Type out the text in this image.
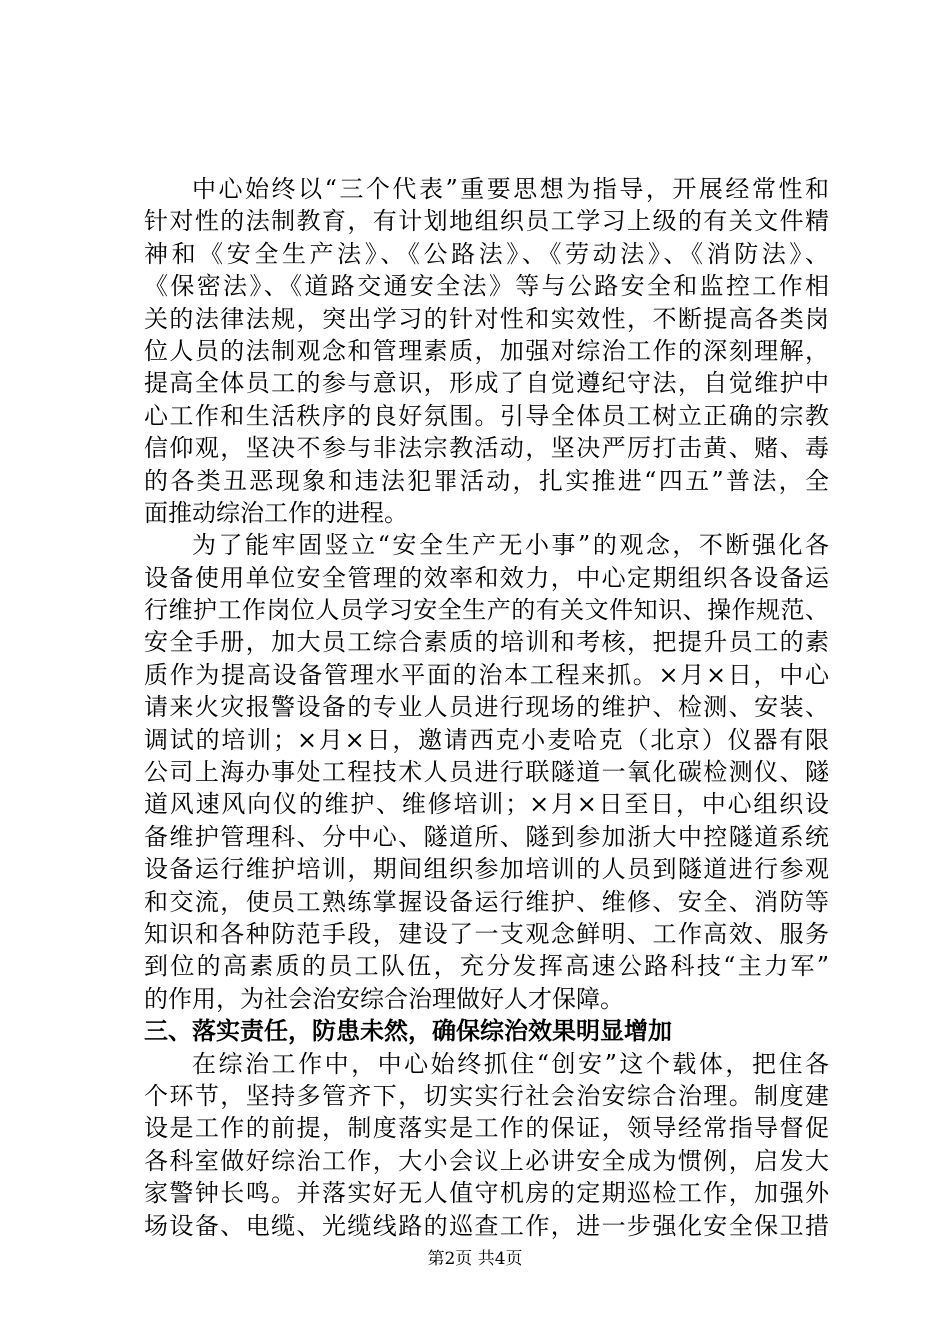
中心始终以“三个代表”重要思想为指导，开展经常性和
针对性的法制教育，有计划地组织员工学习上级的有关文件精
神和《安全生产法》、《公路法》、《劳动法》、《消防法》、
《保密法》、《道路交通安全法》等与公路安全和监控工作相
关的法律法规，突出学习的针对性和实效性，不断提高各类岗
位人员的法制观念和管理素质，加强对综治工作的深刻理解，
提高全体员工的参与意识，形成了自觉遵纪守法，自觉维护中
心工作和生活秩序的良好氛围。引导全体员工树立正确的宗教
信仰观，坚决不参与非法宗教活动，坚决严厉打击黄、赌、毒
的各类丑恶现象和违法犯罪活动，扎实推进“四五”普法，全
面推动综治工作的进程。
为了能牢固竖立“安全生产无小事”的观念，不断强化各
设备使用单位安全管理的效率和效力，中心定期组织各设备运
行维护工作岗位人员学习安全生产的有关文件知识、操作规范、
安全手册，加大员工综合素质的培训和考核，把提升员工的素
质作为提高设备管理水平面的治本工程来抓。×月×日，中心
请来火灾报警设备的专业人员进行现场的维护、检测、安装、
调试的培训；×月×日，邀请西克小麦哈克（北京）仪器有限
公司上海办事处工程技术人员进行联隧道一氧化碳检测仪、隧
道风速风向仪的维护、维修培训；×月×日至日，中心组织设
备维护管理科、分中心、隧道所、隧到参加浙大中控隧道系统
设备运行维护培训，期间组织参加培训的人员到隧道进行参观
和交流，使员工熟练掌握设备运行维护、维修、安全、消防等
知识和各种防范手段，建设了一支观念鲜明、工作高效、服务
到位的高素质的员工队伍，充分发挥高速公路科技“主力军”
的作用，为社会治安综合治理做好人才保障。
三、落实责任，防患未然，确保综治效果明显增加
在综治工作中，中心始终抓住“创安”这个载体，把住各
个环节，坚持多管齐下，切实实行社会治安综合治理。制度建
设是工作的前提，制度落实是工作的保证，领导经常指导督促
各科室做好综治工作，大小会议上必讲安全成为惯例，启发大
家警钟长鸣。并落实好无人值守机房的定期巡检工作，加强外
场设备、电缆、光缆线路的巡查工作，进一步强化安全保卫措
第2页 共4页
